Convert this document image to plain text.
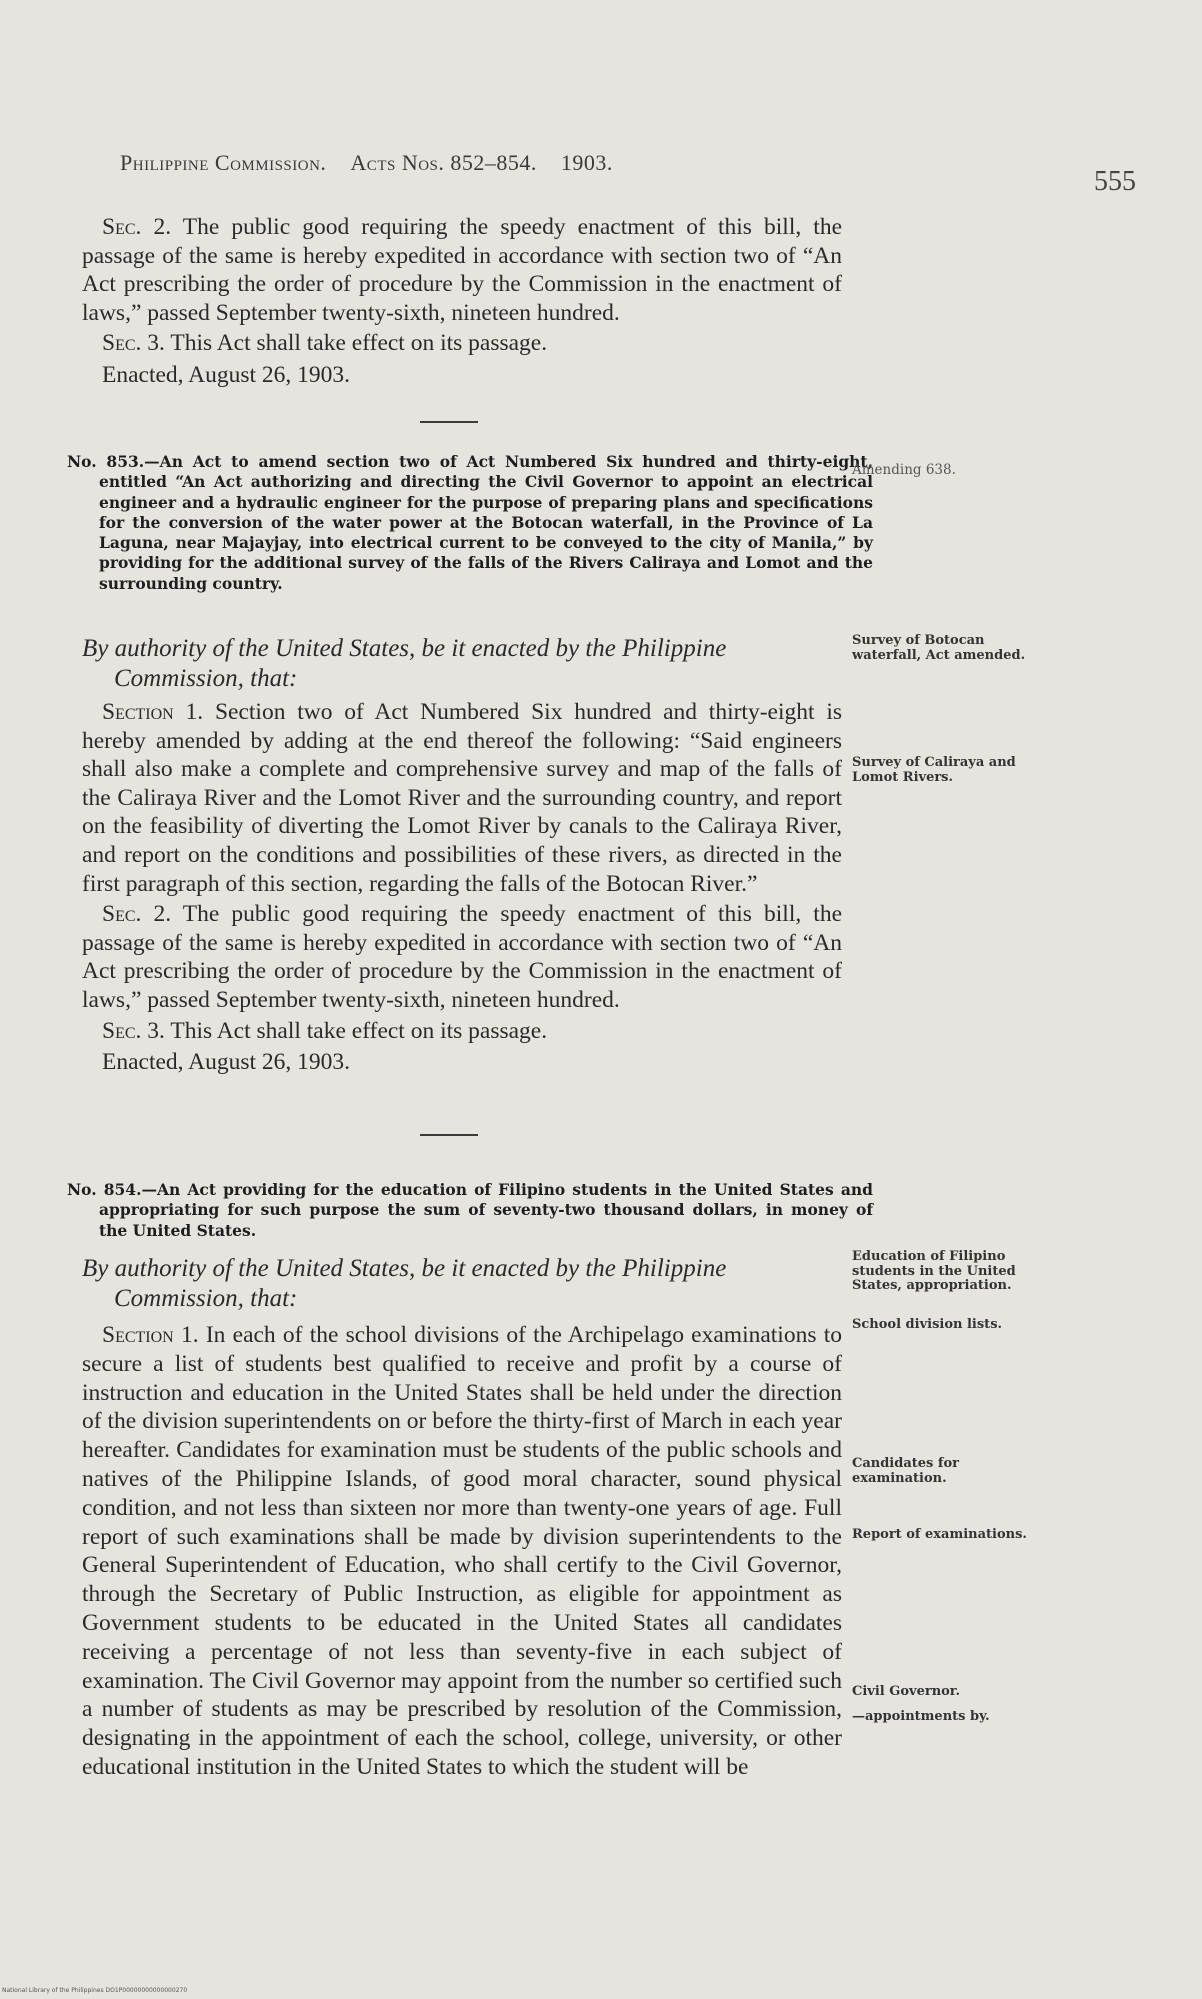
Philippine Commission. Acts Nos. 852–854. 1903.
555

Sec. 2. The public good requiring the speedy enactment of this bill, the passage of the same is hereby expedited in accordance with section two of “An Act prescribing the order of procedure by the Commission in the enactment of laws,” passed September twenty-sixth, nineteen hundred.

Sec. 3. This Act shall take effect on its passage.

Enacted, August 26, 1903.

No. 853.—An Act to amend section two of Act Numbered Six hundred and thirty-eight, entitled “An Act authorizing and directing the Civil Governor to appoint an electrical engineer and a hydraulic engineer for the purpose of preparing plans and specifications for the conversion of the water power at the Botocan waterfall, in the Province of La Laguna, near Majayjay, into electrical current to be conveyed to the city of Manila,” by providing for the additional survey of the falls of the Rivers Caliraya and Lomot and the surrounding country.
Amending 638.
By authority of the United States, be it enacted by the Philippine
Commission, that:
Survey of Botocan waterfall, Act amended.

Section 1. Section two of Act Numbered Six hundred and thirty-eight is hereby amended by adding at the end thereof the following: “Said engineers shall also make a complete and comprehensive survey and map of the falls of the Caliraya River and the Lomot River and the surrounding country, and report on the feasibility of diverting the Lomot River by canals to the Caliraya River, and report on the conditions and possibilities of these rivers, as directed in the first paragraph of this section, regarding the falls of the Botocan River.”

Sec. 2. The public good requiring the speedy enactment of this bill, the passage of the same is hereby expedited in accordance with section two of “An Act prescribing the order of procedure by the Commission in the enactment of laws,” passed September twenty-sixth, nineteen hundred.

Sec. 3. This Act shall take effect on its passage.

Enacted, August 26, 1903.

Survey of Caliraya and Lomot Rivers.
No. 854.—An Act providing for the education of Filipino students in the United States and appropriating for such purpose the sum of seventy-two thousand dollars, in money of the United States.
By authority of the United States, be it enacted by the Philippine
Commission, that:
Education of Filipino students in the United States, appropriation.

Section 1. In each of the school divisions of the Archipelago examinations to secure a list of students best qualified to receive and profit by a course of instruction and education in the United States shall be held under the direction of the division superintendents on or before the thirty-first of March in each year hereafter. Candidates for examination must be students of the public schools and natives of the Philippine Islands, of good moral character, sound physical condition, and not less than sixteen nor more than twenty-one years of age. Full report of such examinations shall be made by division superintendents to the General Superintendent of Education, who shall certify to the Civil Governor, through the Secretary of Public Instruction, as eligible for appointment as Government students to be educated in the United States all candidates receiving a percentage of not less than seventy-five in each subject of examination. The Civil Governor may appoint from the number so certified such a number of students as may be prescribed by resolution of the Commission, designating in the appointment of each the school, college, university, or other educational institution in the United States to which the student will be

School division lists.
Candidates for examination.
Report of examinations.
Civil Governor.
—appointments by.
National Library of the Philippines DO1P00000000000000270
